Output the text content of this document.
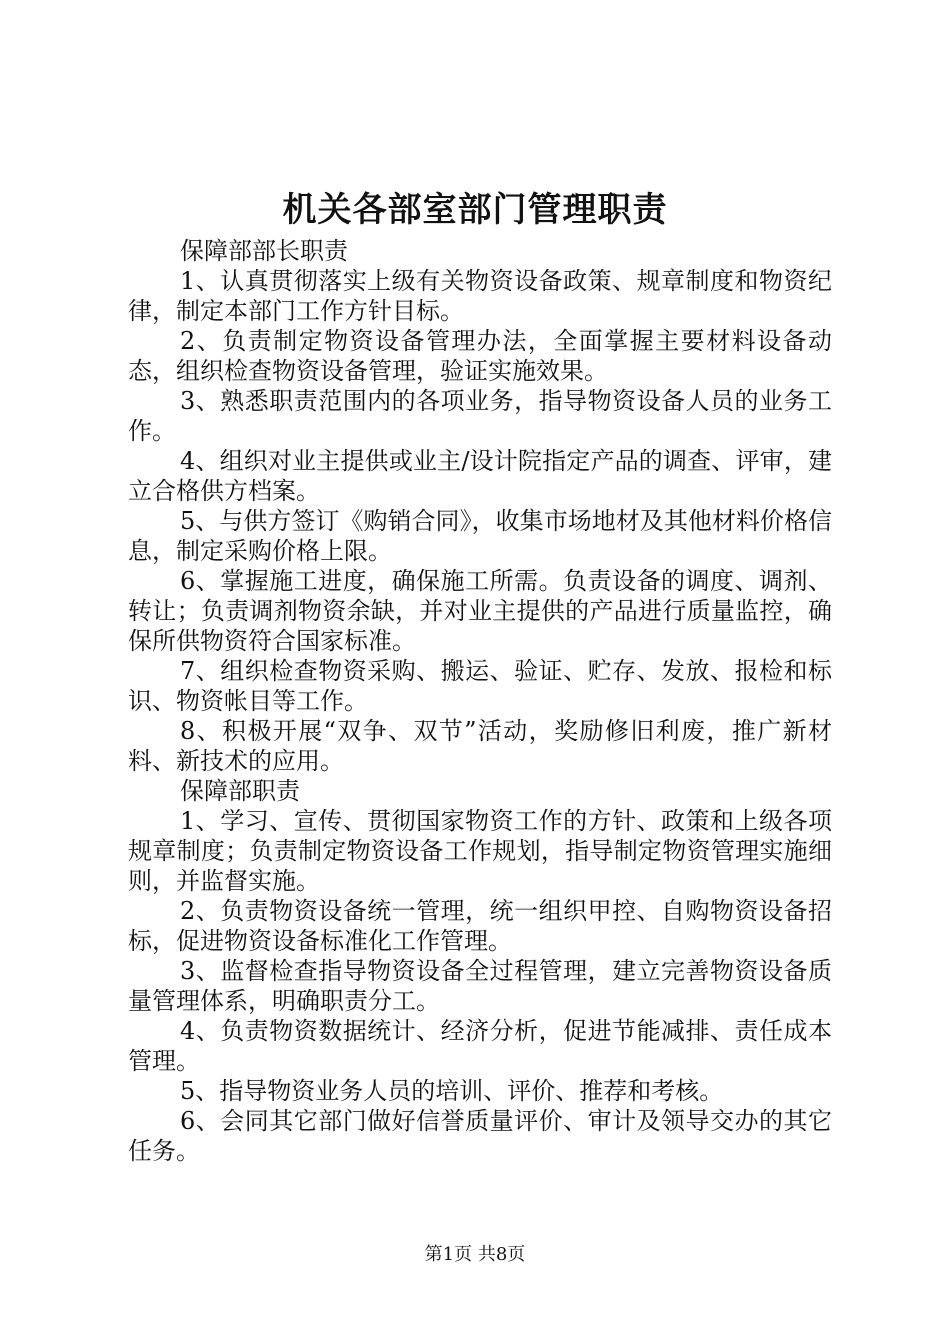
机关各部室部门管理职责

保障部部长职责

1、认真贯彻落实上级有关物资设备政策、规章制度和物资纪律，制定本部门工作方针目标。

2、负责制定物资设备管理办法，全面掌握主要材料设备动态，组织检查物资设备管理，验证实施效果。

3、熟悉职责范围内的各项业务，指导物资设备人员的业务工作。

4、组织对业主提供或业主/设计院指定产品的调查、评审，建立合格供方档案。

5、与供方签订《购销合同》，收集市场地材及其他材料价格信息，制定采购价格上限。

6、掌握施工进度，确保施工所需。负责设备的调度、调剂、转让；负责调剂物资余缺，并对业主提供的产品进行质量监控，确保所供物资符合国家标准。

7、组织检查物资采购、搬运、验证、贮存、发放、报检和标识、物资帐目等工作。

8、积极开展“双争、双节”活动，奖励修旧利废，推广新材料、新技术的应用。

保障部职责

1、学习、宣传、贯彻国家物资工作的方针、政策和上级各项规章制度；负责制定物资设备工作规划，指导制定物资管理实施细则，并监督实施。

2、负责物资设备统一管理，统一组织甲控、自购物资设备招标，促进物资设备标准化工作管理。

3、监督检查指导物资设备全过程管理，建立完善物资设备质量管理体系，明确职责分工。

4、负责物资数据统计、经济分析，促进节能减排、责任成本管理。

5、指导物资业务人员的培训、评价、推荐和考核。

6、会同其它部门做好信誉质量评价、审计及领导交办的其它任务。

第1页 共8页
